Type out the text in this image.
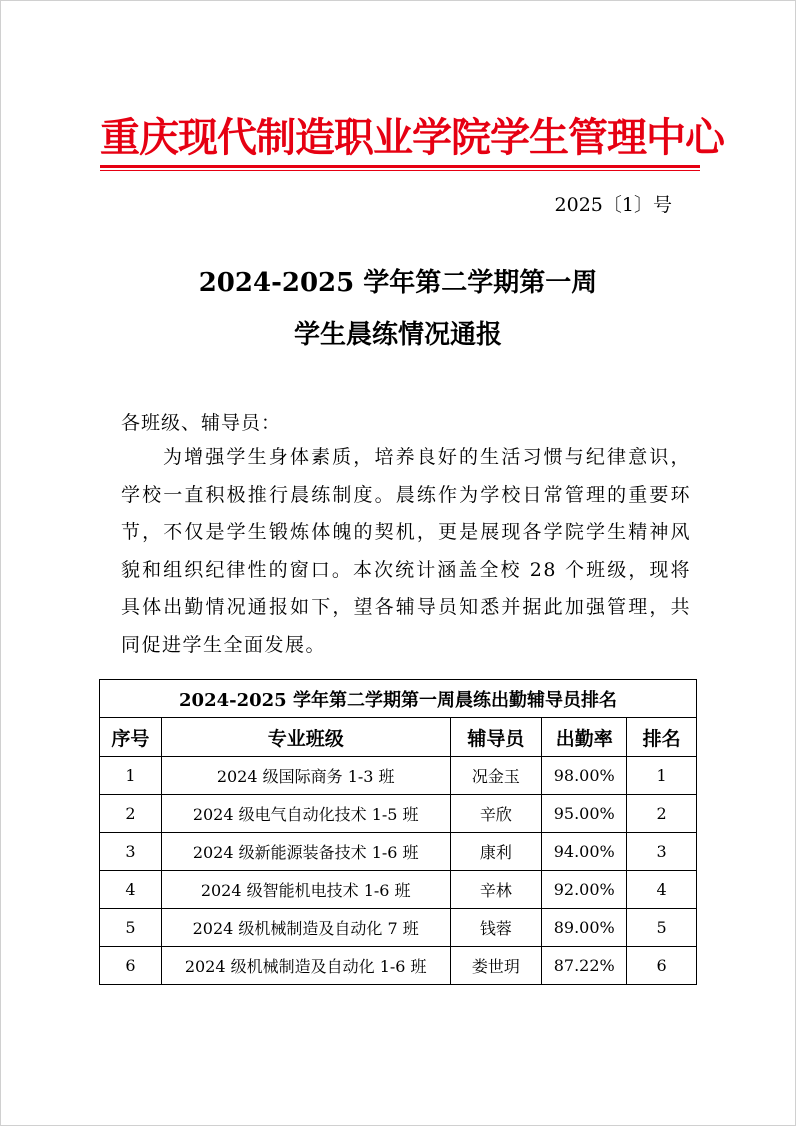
重庆现代制造职业学院学生管理中心
2025〔1〕号
2024-2025 学年第二学期第一周
学生晨练情况通报
各班级、辅导员：

为增强学生身体素质，培养良好的生活习惯与纪律意识，学校一直积极推行晨练制度。晨练作为学校日常管理的重要环节，不仅是学生锻炼体魄的契机，更是展现各学院学生精神风貌和组织纪律性的窗口。本次统计涵盖全校 28 个班级，现将具体出勤情况通报如下，望各辅导员知悉并据此加强管理，共同促进学生全面发展。

2024-2025 学年第二学期第一周晨练出勤辅导员排名				
序号	专业班级	辅导员	出勤率	排名
1	2024 级国际商务 1-3 班	况金玉	98.00%	1
2	2024 级电气自动化技术 1-5 班	辛欣	95.00%	2
3	2024 级新能源装备技术 1-6 班	康利	94.00%	3
4	2024 级智能机电技术 1-6 班	辛林	92.00%	4
5	2024 级机械制造及自动化 7 班	钱蓉	89.00%	5
6	2024 级机械制造及自动化 1-6 班	娄世玥	87.22%	6
